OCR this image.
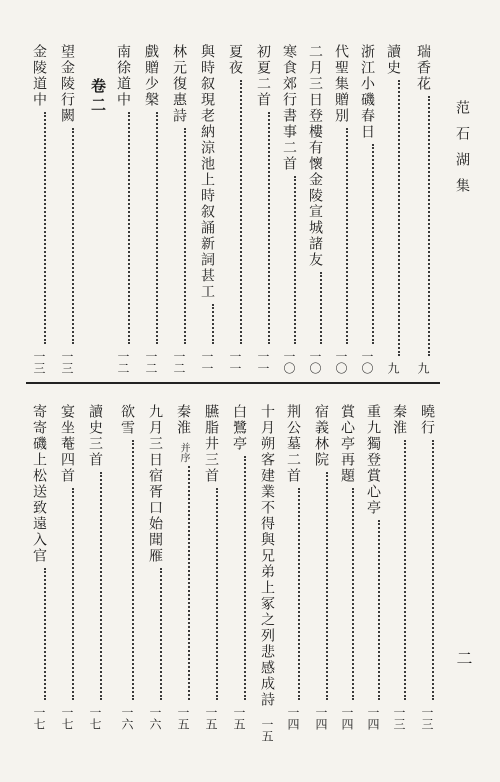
范石湖集
二
瑞香花
九
讀史
九
浙江小磯春日
一〇
代聖集贈別
一〇
二月三日登樓有懷金陵宣城諸友
一〇
寒食郊行書事二首
一〇
初夏二首
一一
夏夜
一一
與時叙現老納涼池上時叙誦新詞甚工
一一
林元復惠詩
一二
戲贈少槃
一二
南徐道中
一二
卷二
望金陵行闕
一三
金陵道中
一三
曉行
一三
秦淮
一三
重九獨登賞心亭
一四
賞心亭再題
一四
宿義林院
一四
荆公墓二首
一四
十月朔客建業不得與兄弟上冢之列悲感成詩
一五
白鷺亭
一五
臙脂井三首
一五
秦淮 并序
一五
九月三日宿胥口始聞雁
一六
欲雪
一六
讀史三首
一七
宴坐菴四首
一七
寄寄磯上松送致遠入官
一七
